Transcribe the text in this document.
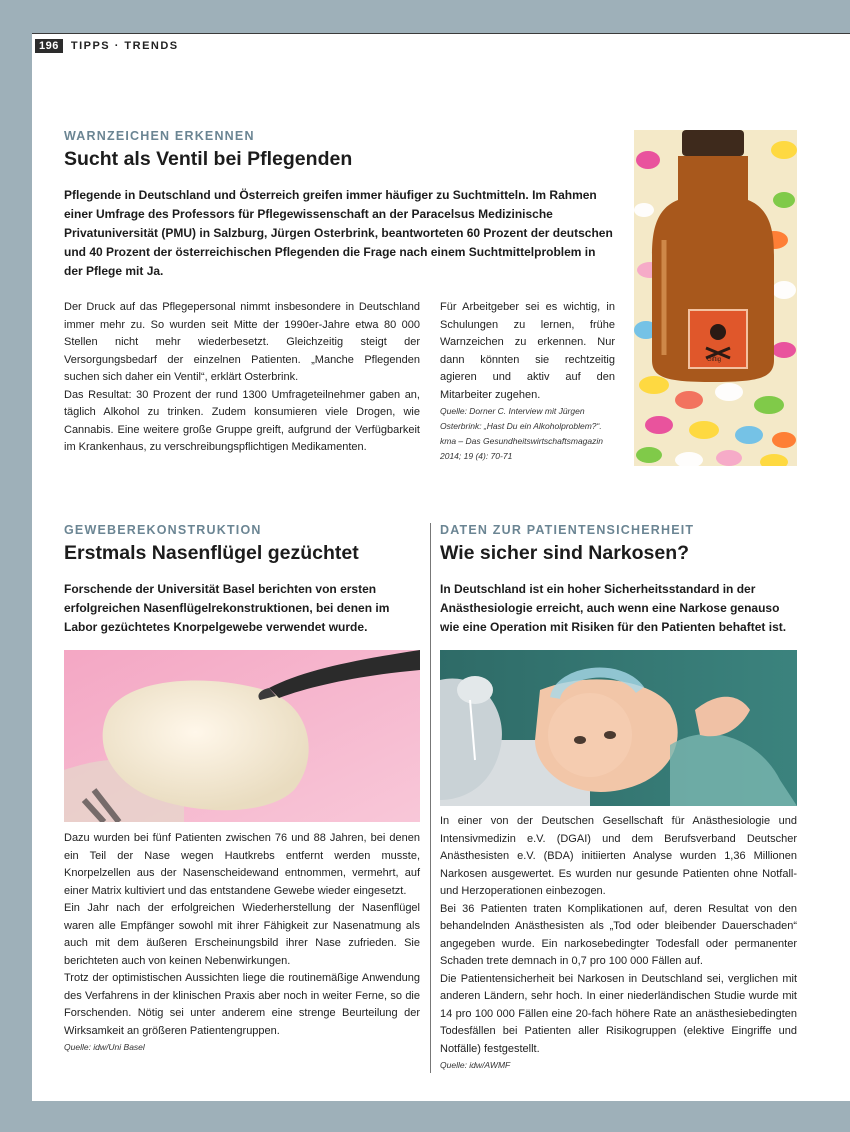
196	TIPPS · TRENDS
WARNZEICHEN ERKENNEN
Sucht als Ventil bei Pflegenden
Pflegende in Deutschland und Österreich greifen immer häufiger zu Suchtmitteln. Im Rahmen einer Umfrage des Professors für Pflegewissenschaft an der Paracelsus Medizinische Privatuniversität (PMU) in Salzburg, Jürgen Osterbrink, beantworteten 60 Prozent der deutschen und 40 Prozent der österreichischen Pflegenden die Frage nach einem Suchtmittelproblem in der Pflege mit Ja.

Der Druck auf das Pflegepersonal nimmt insbesondere in Deutschland immer mehr zu. So wurden seit Mitte der 1990er-Jahre etwa 80 000 Stellen nicht mehr wiederbesetzt. Gleichzeitig steigt der Versorgungsbedarf der einzelnen Patienten. „Manche Pflegenden suchen sich daher ein Ventil“, erklärt Osterbrink.

Das Resultat: 30 Prozent der rund 1300 Umfrageteilnehmer gaben an, täglich Alkohol zu trinken. Zudem konsumieren viele Drogen, wie Cannabis. Eine weitere große Gruppe greift, aufgrund der Verfügbarkeit im Krankenhaus, zu verschreibungspflichtigen Medikamenten.

Für Arbeitgeber sei es wichtig, in Schulungen zu lernen, frühe Warnzeichen zu erkennen. Nur dann könnten sie rechtzeitig agieren und aktiv auf den Mitarbeiter zugehen.
Quelle: Dorner C. Interview mit Jürgen Osterbrink: „Hast Du ein Alkoholproblem?“. kma – Das Gesundheitswirtschaftsmagazin 2014; 19 (4): 70-71
Giftig
GEWEBEREKONSTRUKTION
Erstmals Nasenflügel gezüchtet
Forschende der Universität Basel berichten von ersten erfolgreichen Nasenflügelrekonstruktionen, bei denen im Labor gezüchtetes Knorpelgewebe verwendet wurde.

Dazu wurden bei fünf Patienten zwischen 76 und 88 Jahren, bei denen ein Teil der Nase wegen Hautkrebs entfernt werden musste, Knorpelzellen aus der Nasenscheidewand entnommen, vermehrt, auf einer Matrix kultiviert und das entstandene Gewebe wieder eingesetzt.

Ein Jahr nach der erfolgreichen Wiederherstellung der Nasenflügel waren alle Empfänger sowohl mit ihrer Fähigkeit zur Nasenatmung als auch mit dem äußeren Erscheinungsbild ihrer Nase zufrieden. Sie berichteten auch von keinen Nebenwirkungen.

Trotz der optimistischen Aussichten liege die routinemäßige Anwendung des Verfahrens in der klinischen Praxis aber noch in weiter Ferne, so die Forschenden. Nötig sei unter anderem eine strenge Beurteilung der Wirksamkeit an größeren Patientengruppen.

Quelle: idw/Uni Basel
DATEN ZUR PATIENTENSICHERHEIT
Wie sicher sind Narkosen?
In Deutschland ist ein hoher Sicherheitsstandard in der Anästhesiologie erreicht, auch wenn eine Narkose genauso wie eine Operation mit Risiken für den Patienten behaftet ist.

In einer von der Deutschen Gesellschaft für Anästhesiologie und Intensivmedizin e.V. (DGAI) und dem Berufsverband Deutscher Anästhesisten e.V. (BDA) initiierten Analyse wurden 1,36 Millionen Narkosen ausgewertet. Es wurden nur gesunde Patienten ohne Notfall- und Herzoperationen einbezogen.

Bei 36 Patienten traten Komplikationen auf, deren Resultat von den behandelnden Anästhesisten als „Tod oder bleibender Dauerschaden“ angegeben wurde. Ein narkosebedingter Todesfall oder permanenter Schaden trete demnach in 0,7 pro 100 000 Fällen auf.

Die Patientensicherheit bei Narkosen in Deutschland sei, verglichen mit anderen Ländern, sehr hoch. In einer niederländischen Studie wurde mit 14 pro 100 000 Fällen eine 20-fach höhere Rate an anästhesiebedingten Todesfällen bei Patienten aller Risikogruppen (elektive Eingriffe und Notfälle) festgestellt.

Quelle: idw/AWMF
